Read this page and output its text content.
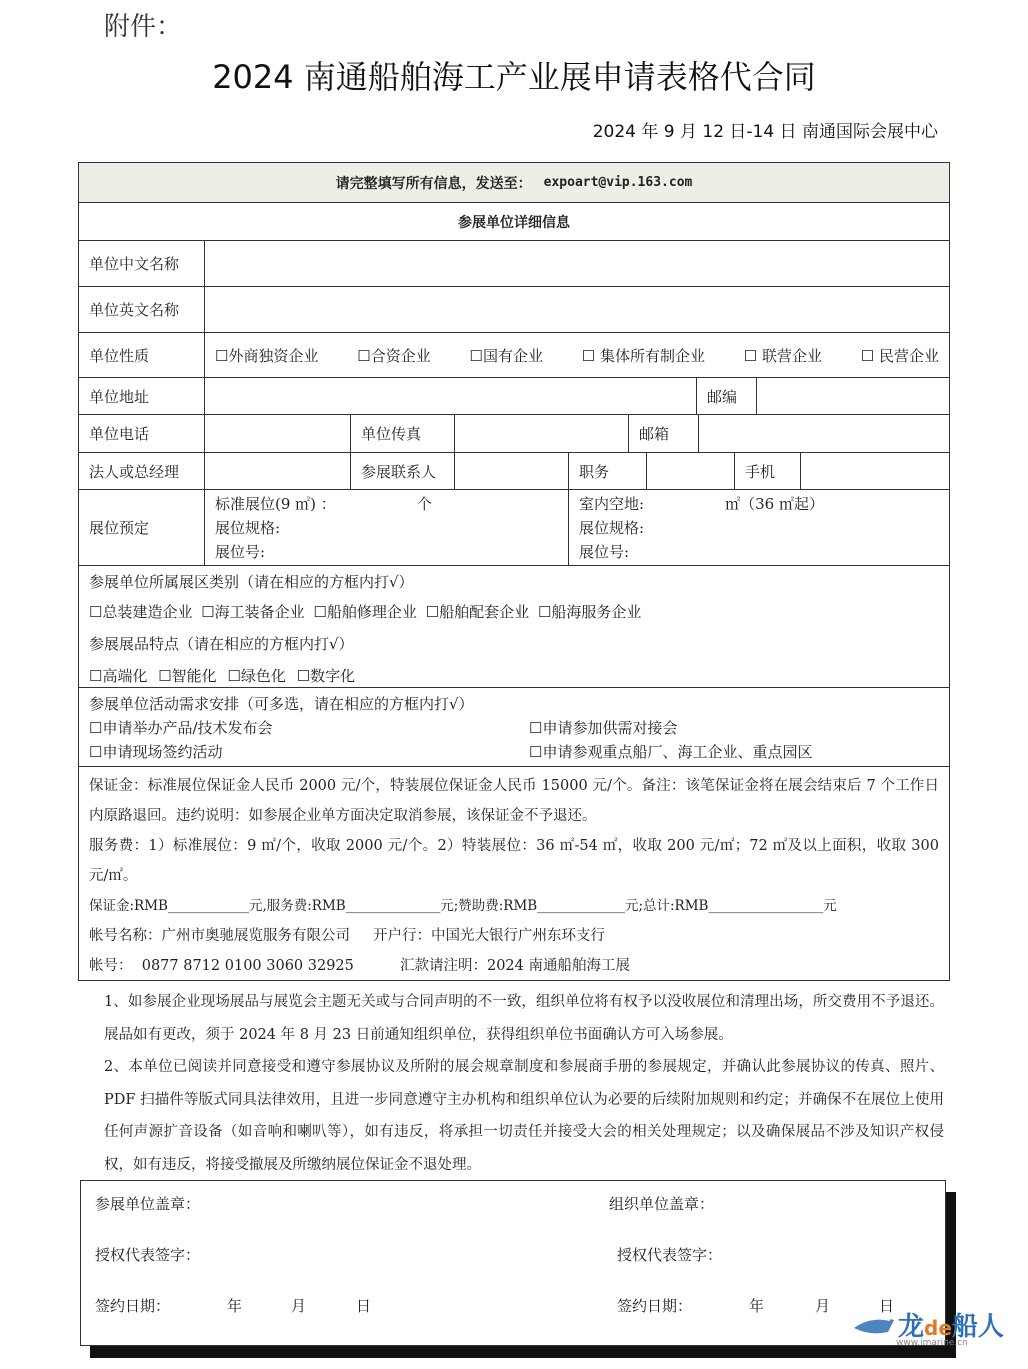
附件：
2024 南通船舶海工产业展申请表格代合同
2024 年 9 月 12 日-14 日 南通国际会展中心
请完整填写所有信息，发送至： expoart@vip.163.com
参展单位详细信息
单位中文名称
单位英文名称
单位性质	☐外商独资企业	☐合资企业	☐国有企业	☐ 集体所有制企业	☐ 联营企业	☐ 民营企业
单位地址	邮编
单位电话	单位传真	邮箱
法人或总经理	参展联系人	职务	手机
展位预定
标准展位(9 ㎡) ：                 个
展位规格:
展位号:
室内空地:                 ㎡（36 ㎡起）
展位规格:
展位号:
参展单位所属展区类别（请在相应的方框内打√）
☐总装建造企业 ☐海工装备企业 ☐船舶修理企业 ☐船舶配套企业 ☐船海服务企业
参展展品特点（请在相应的方框内打√）
☐高端化 ☐智能化 ☐绿色化 ☐数字化
参展单位活动需求安排（可多选，请在相应的方框内打√）
☐申请举办产品/技术发布会	☐申请参加供需对接会
☐申请现场签约活动	☐申请参观重点船厂、海工企业、重点园区
保证金：标准展位保证金人民币 2000 元/个，特装展位保证金人民币 15000 元/个。备注：该笔保证金将在展会结束后 7 个工作日内原路退回。违约说明：如参展企业单方面决定取消参展，该保证金不予退还。
服务费：1）标准展位：9 ㎡/个，收取 2000 元/个。2）特装展位：36 ㎡-54 ㎡，收取 200 元/㎡；72 ㎡及以上面积，收取 300 元/㎡。
保证金:RMB____________元,服务费:RMB______________元;赞助费:RMB_____________元;总计:RMB_________________元
帐号名称：广州市奥驰展览服务有限公司     开户行：中国光大银行广州东环支行
帐号：  0877 8712 0100 3060 32925          汇款请注明：2024 南通船舶海工展

1、如参展企业现场展品与展览会主题无关或与合同声明的不一致，组织单位将有权予以没收展位和清理出场，所交费用不予退还。展品如有更改，须于 2024 年 8 月 23 日前通知组织单位，获得组织单位书面确认方可入场参展。

2、本单位已阅读并同意接受和遵守参展协议及所附的展会规章制度和参展商手册的参展规定，并确认此参展协议的传真、照片、PDF 扫描件等版式同具法律效用，且进一步同意遵守主办机构和组织单位认为必要的后续附加规则和约定；并确保不在展位上使用任何声源扩音设备（如音响和喇叭等），如有违反，将承担一切责任并接受大会的相关处理规定；以及确保展品不涉及知识产权侵权，如有违反，将接受撤展及所缴纳展位保证金不退处理。

参展单位盖章：	组织单位盖章：
授权代表签字：	授权代表签字：
签约日期：	年	月	日	签约日期：	年	月	日
龙de船人
www.imarine.cn
